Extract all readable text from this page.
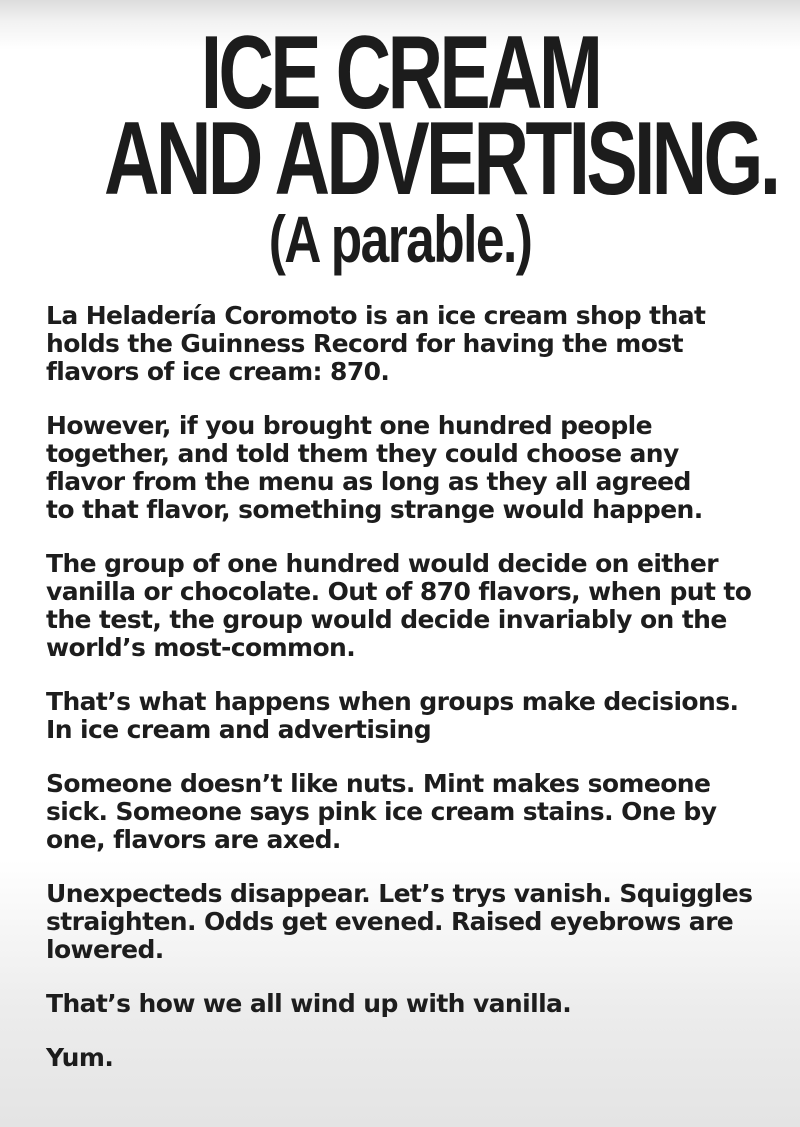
ICE CREAM
AND ADVERTISING.
(A parable.)

La Heladería Coromoto is an ice cream shop that
holds the Guinness Record for having the most
flavors of ice cream: 870.

However, if you brought one hundred people
together, and told them they could choose any
flavor from the menu as long as they all agreed
to that flavor, something strange would happen.

The group of one hundred would decide on either
vanilla or chocolate. Out of 870 flavors, when put to
the test, the group would decide invariably on the
world’s most-common.

That’s what happens when groups make decisions.
In ice cream and advertising

Someone doesn’t like nuts. Mint makes someone
sick. Someone says pink ice cream stains. One by
one, flavors are axed.

Unexpecteds disappear. Let’s trys vanish. Squiggles
straighten. Odds get evened. Raised eyebrows are
lowered.

That’s how we all wind up with vanilla.

Yum.
